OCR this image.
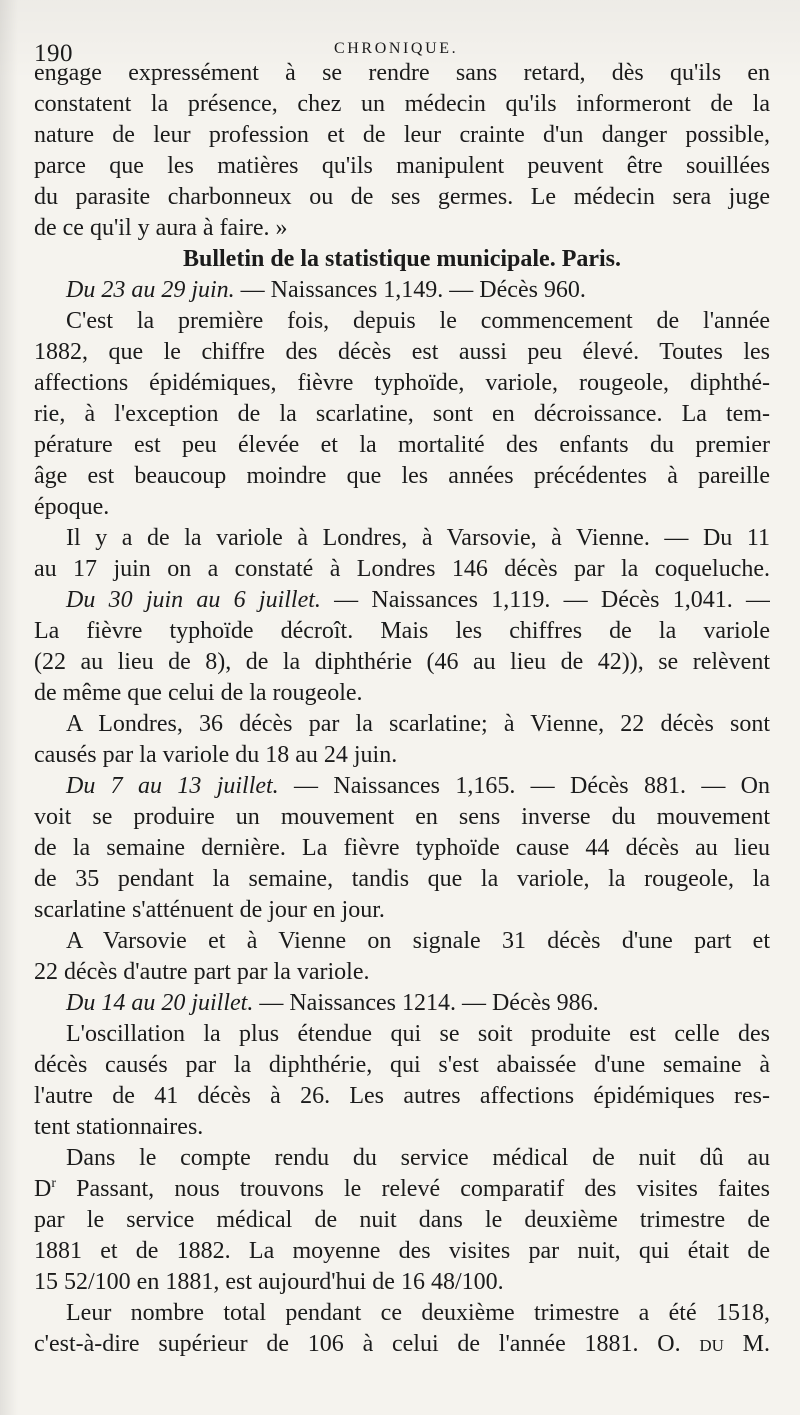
190	CHRONIQUE.
engage expressément à se rendre sans retard, dès qu'ils en
constatent la présence, chez un médecin qu'ils informeront de la
nature de leur profession et de leur crainte d'un danger possible,
parce que les matières qu'ils manipulent peuvent être souillées
du parasite charbonneux ou de ses germes. Le médecin sera juge
de ce qu'il y aura à faire. »
Bulletin de la statistique municipale. Paris.
Du 23 au 29 juin. — Naissances 1,149. — Décès 960.
C'est la première fois, depuis le commencement de l'année
1882, que le chiffre des décès est aussi peu élevé. Toutes les
affections épidémiques, fièvre typhoïde, variole, rougeole, diphthé-
rie, à l'exception de la scarlatine, sont en décroissance. La tem-
pérature est peu élevée et la mortalité des enfants du premier
âge est beaucoup moindre que les années précédentes à pareille
époque.
Il y a de la variole à Londres, à Varsovie, à Vienne. — Du 11
au 17 juin on a constaté à Londres 146 décès par la coqueluche.
Du 30 juin au 6 juillet. — Naissances 1,119. — Décès 1,041. —
La fièvre typhoïde décroît. Mais les chiffres de la variole
(22 au lieu de 8), de la diphthérie (46 au lieu de 42)), se relèvent
de même que celui de la rougeole.
A Londres, 36 décès par la scarlatine; à Vienne, 22 décès sont
causés par la variole du 18 au 24 juin.
Du 7 au 13 juillet. — Naissances 1,165. — Décès 881. — On
voit se produire un mouvement en sens inverse du mouvement
de la semaine dernière. La fièvre typhoïde cause 44 décès au lieu
de 35 pendant la semaine, tandis que la variole, la rougeole, la
scarlatine s'atténuent de jour en jour.
A Varsovie et à Vienne on signale 31 décès d'une part et
22 décès d'autre part par la variole.
Du 14 au 20 juillet. — Naissances 1214. — Décès 986.
L'oscillation la plus étendue qui se soit produite est celle des
décès causés par la diphthérie, qui s'est abaissée d'une semaine à
l'autre de 41 décès à 26. Les autres affections épidémiques res-
tent stationnaires.
Dans le compte rendu du service médical de nuit dû au
$D^r$ Passant, nous trouvons le relevé comparatif des visites faites
par le service médical de nuit dans le deuxième trimestre de
1881 et de 1882. La moyenne des visites par nuit, qui était de
15 52/100 en 1881, est aujourd'hui de 16 48/100.
Leur nombre total pendant ce deuxième trimestre a été 1518,
c'est-à-dire supérieur de 106 à celui de l'année 1881. O. du M.
